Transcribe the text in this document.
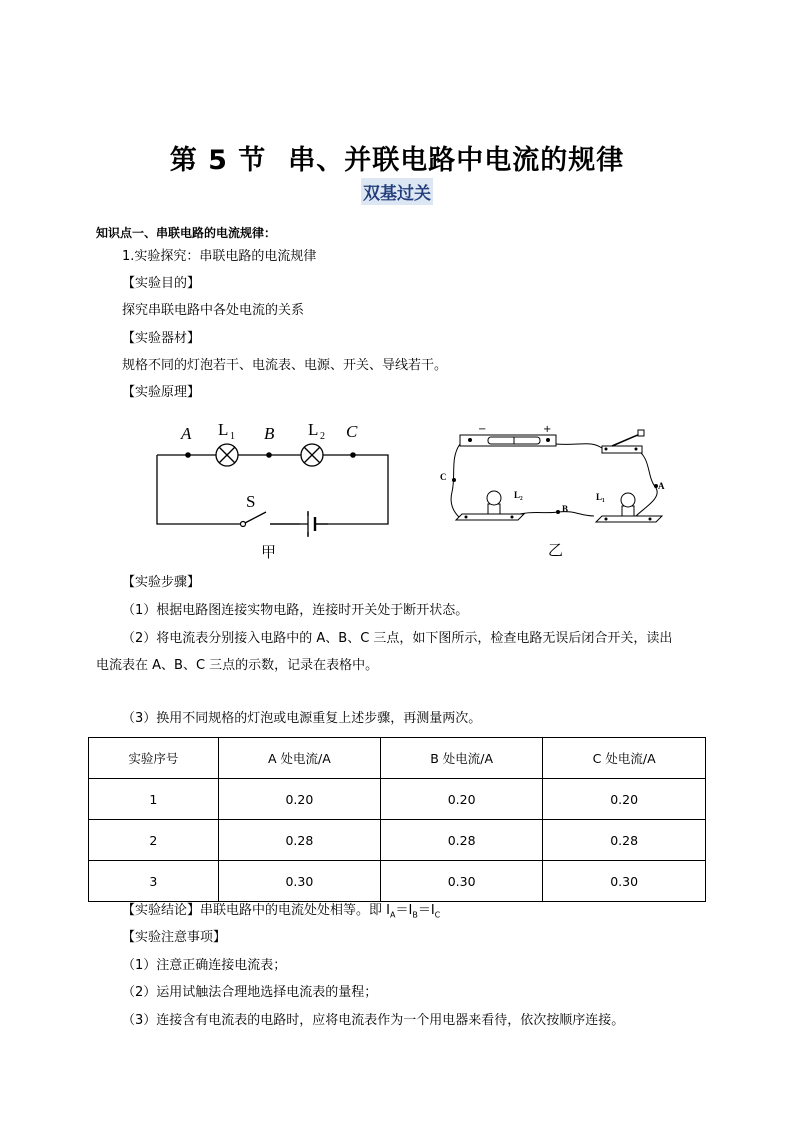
第 5 节 串、并联电路中电流的规律
双基过关
知识点一、串联电路的电流规律：
1.实验探究：串联电路的电流规律
【实验目的】
探究串联电路中各处电流的关系
【实验器材】
规格不同的灯泡若干、电流表、电源、开关、导线若干。
【实验原理】
A L 1 B L 2 C
S
甲
−	+
C
L₂
B
L₁
A
乙
【实验步骤】
（1）根据电路图连接实物电路，连接时开关处于断开状态。
（2）将电流表分别接入电路中的 A、B、C 三点，如下图所示，检查电路无误后闭合开关，读出
电流表在 A、B、C 三点的示数，记录在表格中。
（3）换用不同规格的灯泡或电源重复上述步骤，再测量两次。
实验序号	A 处电流/A	B 处电流/A	C 处电流/A
1	0.20	0.20	0.20
2	0.28	0.28	0.28
3	0.30	0.30	0.30
【实验结论】串联电路中的电流处处相等。即 $I_A=I_B=I_C$
【实验注意事项】
（1）注意正确连接电流表；
（2）运用试触法合理地选择电流表的量程；
（3）连接含有电流表的电路时，应将电流表作为一个用电器来看待，依次按顺序连接。
